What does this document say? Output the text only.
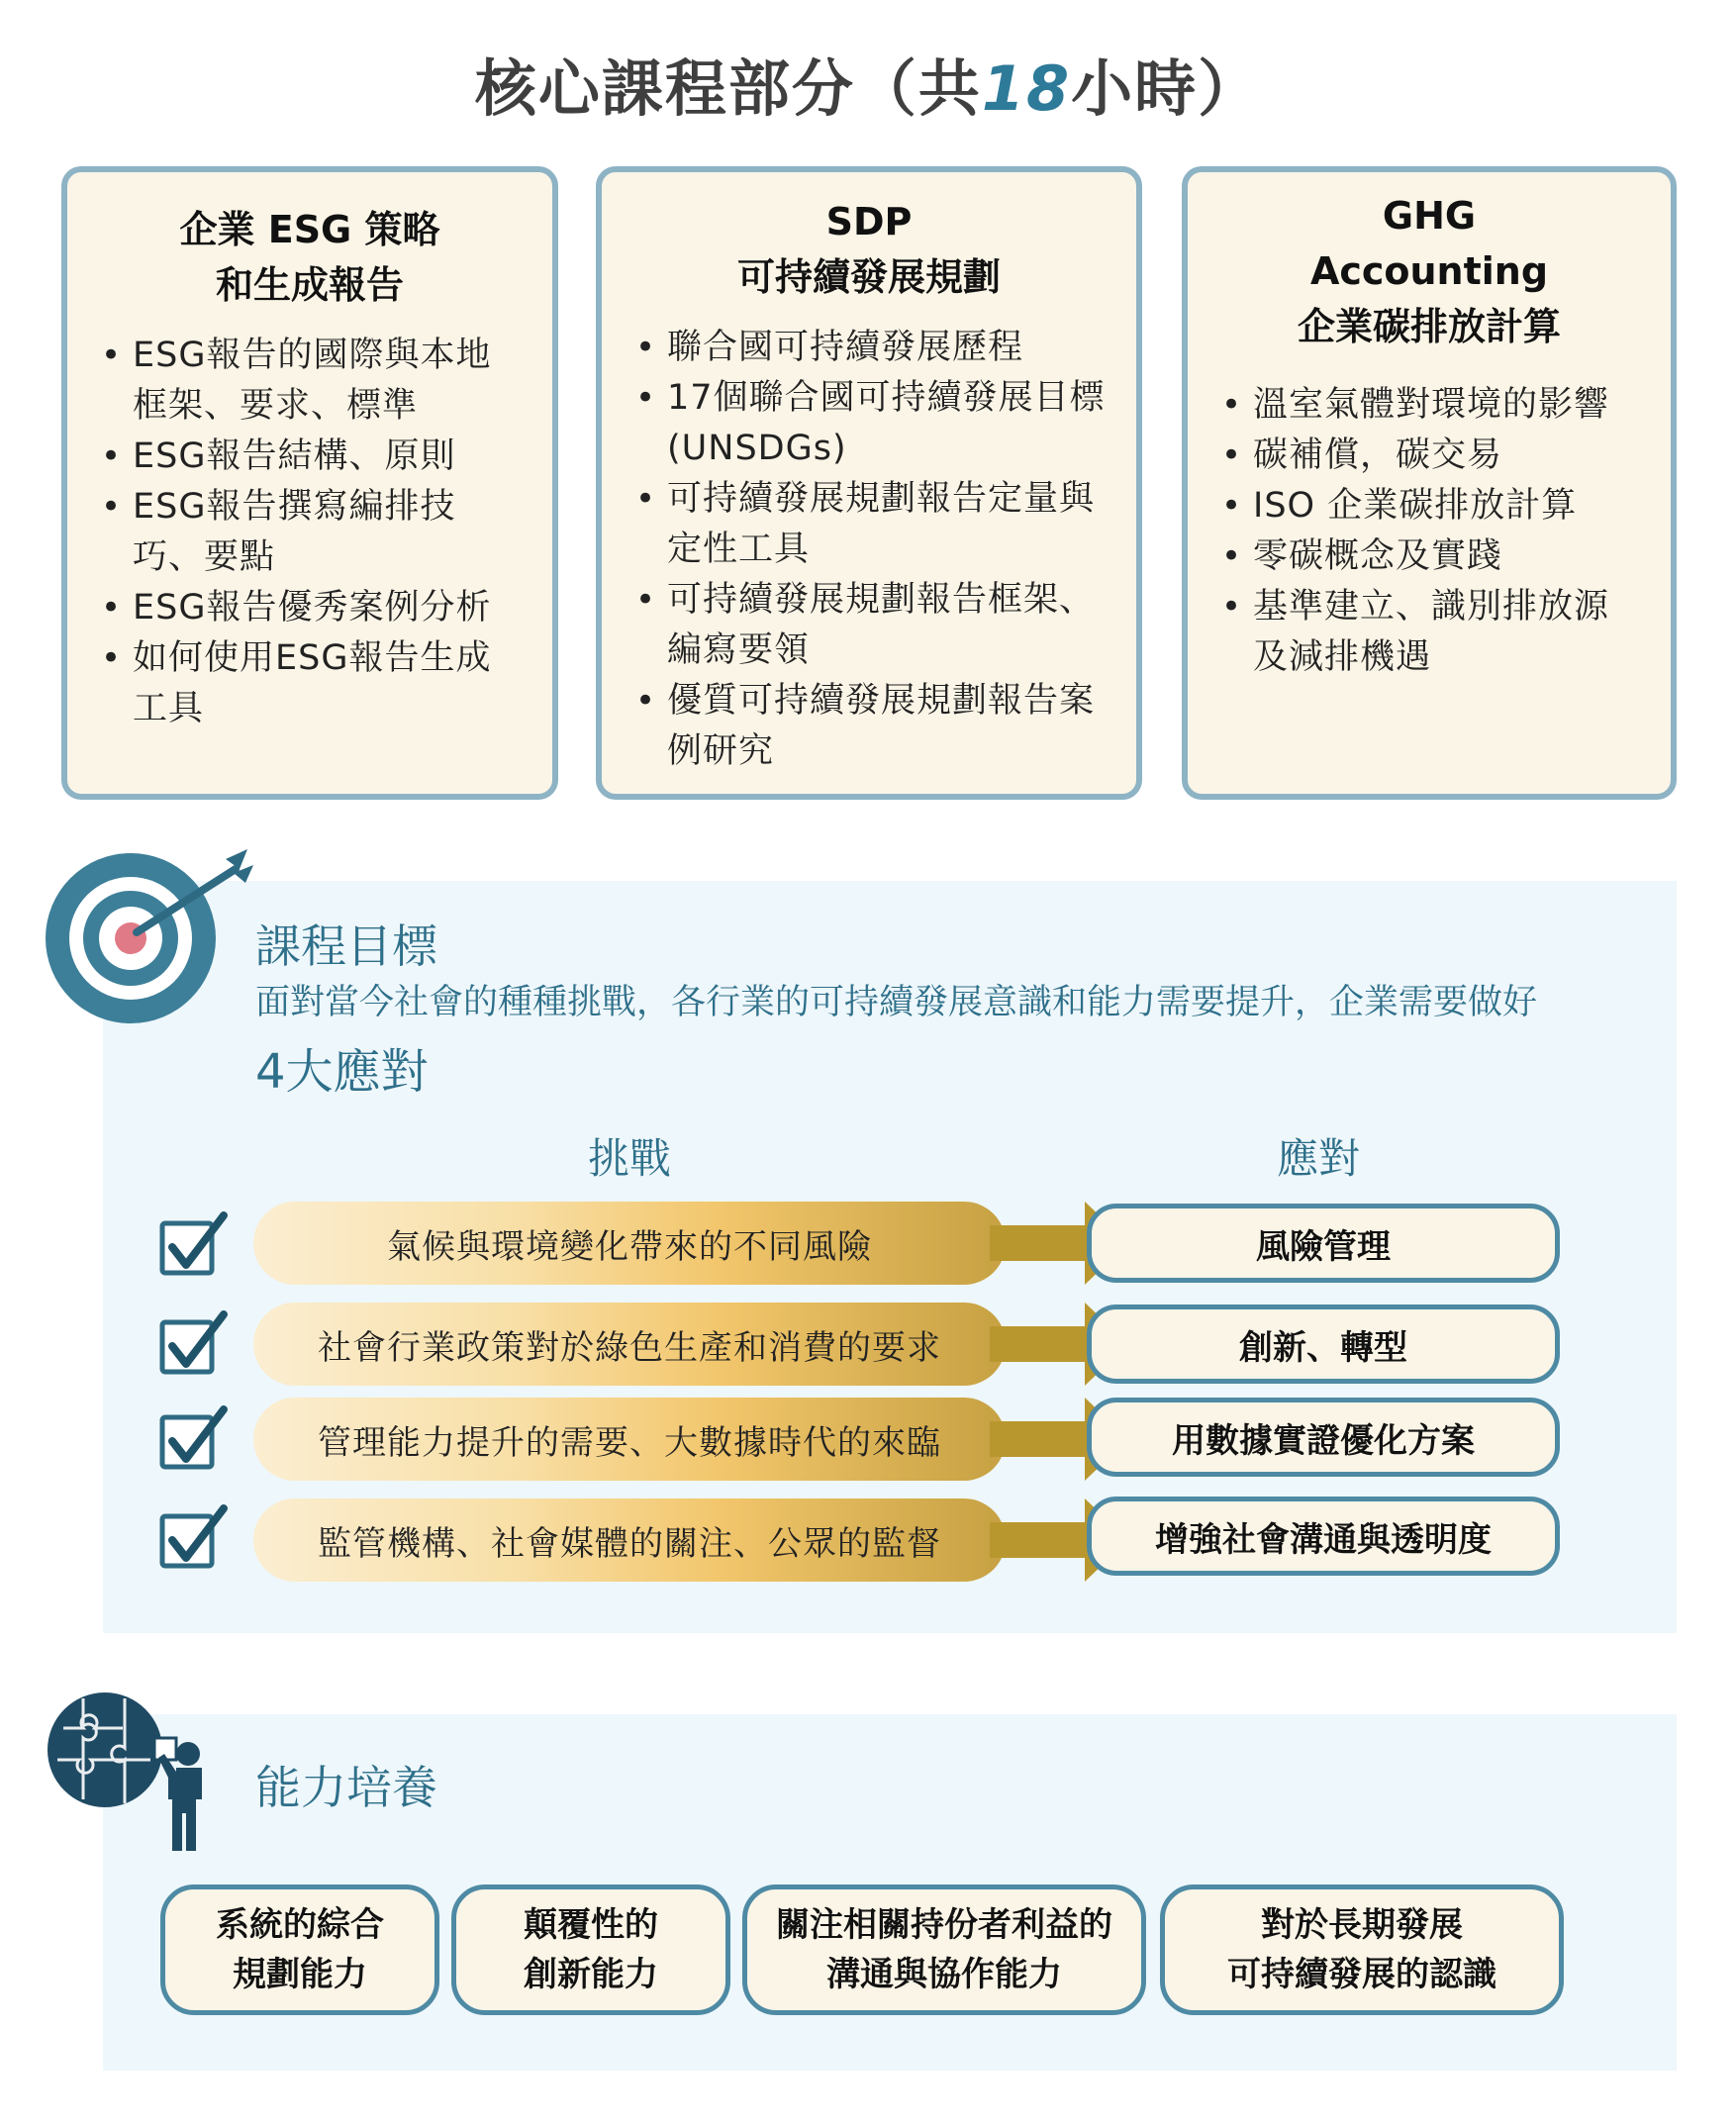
核心課程部分（共18小時）
企業 ESG 策略
和生成報告
• ESG報告的國際與本地框架、要求、標準
• ESG報告結構、原則
• ESG報告撰寫編排技巧、要點
• ESG報告優秀案例分析
• 如何使用ESG報告生成工具
SDP
可持續發展規劃
• 聯合國可持續發展歷程
• 17個聯合國可持續發展目標 (UNSDGs)
• 可持續發展規劃報告定量與定性工具
• 可持續發展規劃報告框架、編寫要領
• 優質可持續發展規劃報告案例研究
GHG
Accounting
企業碳排放計算
• 溫室氣體對環境的影響
• 碳補償，碳交易
• ISO 企業碳排放計算
• 零碳概念及實踐
• 基準建立、識別排放源及減排機遇
課程目標
面對當今社會的種種挑戰，各行業的可持續發展意識和能力需要提升，企業需要做好
4大應對
挑戰	應對
氣候與環境變化帶來的不同風險	風險管理
社會行業政策對於綠色生產和消費的要求	創新、轉型
管理能力提升的需要、大數據時代的來臨	用數據實證優化方案
監管機構、社會媒體的關注、公眾的監督	增強社會溝通與透明度
能力培養
系統的綜合
規劃能力
顛覆性的
創新能力
關注相關持份者利益的
溝通與協作能力
對於長期發展
可持續發展的認識
